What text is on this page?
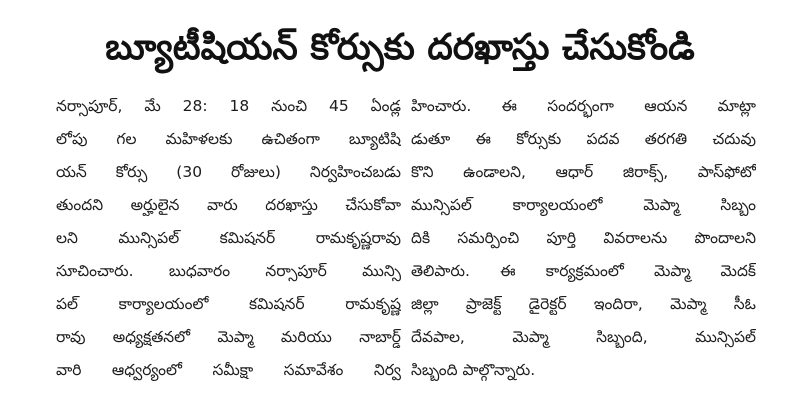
బ్యూటీషియన్ కోర్సుకు దరఖాస్తు చేసుకోండి
నర్సాపూర్, మే 28: 18 నుంచి 45 ఏండ్ల
లోపు గల మహిళలకు ఉచితంగా బ్యూటిషి
యన్ కోర్సు (30 రోజులు) నిర్వహించబడు
తుందని అర్హులైన వారు దరఖాస్తు చేసుకోవా
లని మున్సిపల్ కమిషనర్ రామకృష్ణరావు
సూచించారు. బుధవారం నర్సాపూర్ మున్సి
పల్ కార్యాలయంలో కమిషనర్ రామకృష్ణ
రావు అధ్యక్షతనలో మెప్మా మరియు నాబార్డ్
వారి ఆధ్వర్యంలో సమీక్షా సమావేశం నిర్వ
హించారు. ఈ సందర్భంగా ఆయన మాట్లా
డుతూ ఈ కోర్సుకు పదవ తరగతి చదువు
కొని ఉండాలని, ఆధార్ జిరాక్స్, పాస్‌ఫోటో
మున్సిపల్ కార్యాలయంలో మెప్మా సిబ్బం
దికి సమర్పించి పూర్తి వివరాలను పొందాలని
తెలిపారు. ఈ కార్యక్రమంలో మెప్మా మెదక్
జిల్లా ప్రాజెక్ట్ డైరెక్టర్ ఇందిరా, మెప్మా సీఓ
దేవపాల, మెప్మా సిబ్బంది, మున్సిపల్
సిబ్బంది పాల్గొన్నారు.
